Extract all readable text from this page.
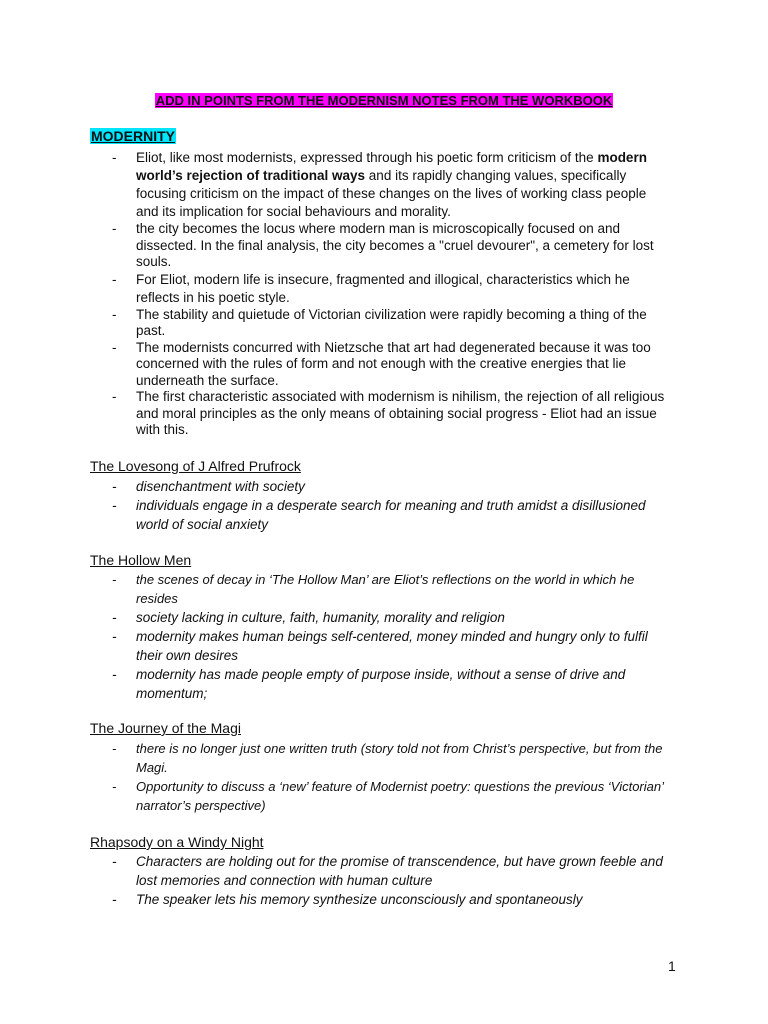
ADD IN POINTS FROM THE MODERNISM NOTES FROM THE WORKBOOK
MODERNITY
- Eliot, like most modernists, expressed through his poetic form criticism of the modern world’s rejection of traditional ways and its rapidly changing values, specifically focusing criticism on the impact of these changes on the lives of working class people and its implication for social behaviours and morality.
- the city becomes the locus where modern man is microscopically focused on and dissected. In the final analysis, the city becomes a "cruel devourer", a cemetery for lost souls.
- For Eliot, modern life is insecure, fragmented and illogical, characteristics which he reflects in his poetic style.
- The stability and quietude of Victorian civilization were rapidly becoming a thing of the past.
- The modernists concurred with Nietzsche that art had degenerated because it was too concerned with the rules of form and not enough with the creative energies that lie underneath the surface.
- The first characteristic associated with modernism is nihilism, the rejection of all religious and moral principles as the only means of obtaining social progress - Eliot had an issue with this.
The Lovesong of J Alfred Prufrock
- disenchantment with society
- individuals engage in a desperate search for meaning and truth amidst a disillusioned world of social anxiety
The Hollow Men
- the scenes of decay in ‘The Hollow Man’ are Eliot’s reflections on the world in which he resides
- society lacking in culture, faith, humanity, morality and religion
- modernity makes human beings self-centered, money minded and hungry only to fulfil their own desires
- modernity has made people empty of purpose inside, without a sense of drive and momentum;
The Journey of the Magi
- there is no longer just one written truth (story told not from Christ’s perspective, but from the Magi.
- Opportunity to discuss a ‘new’ feature of Modernist poetry: questions the previous ‘Victorian’ narrator’s perspective)
Rhapsody on a Windy Night
- Characters are holding out for the promise of transcendence, but have grown feeble and lost memories and connection with human culture
- The speaker lets his memory synthesize unconsciously and spontaneously
1
